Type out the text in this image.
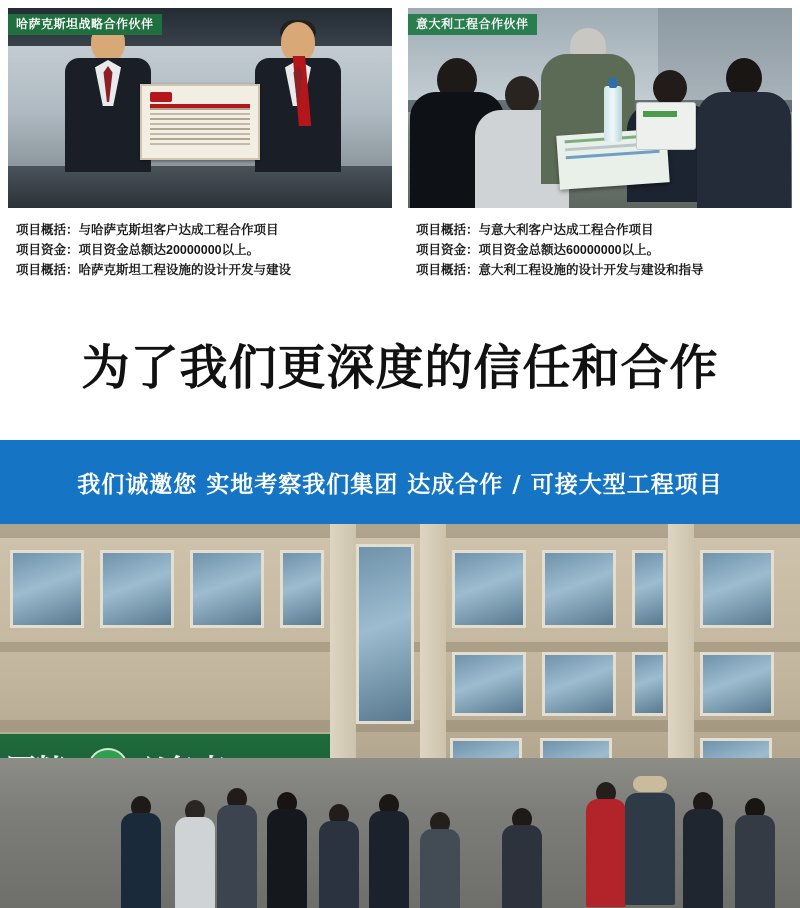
哈萨克斯坦战略合作伙伴
项目概括：与哈萨克斯坦客户达成工程合作项目
项目资金：项目资金总额达20000000以上。
项目概括：哈萨克斯坦工程设施的设计开发与建设
意大利工程合作伙伴
项目概括：与意大利客户达成工程合作项目
项目资金：项目资金总额达60000000以上。
项目概括：意大利工程设施的设计开发与建设和指导
为了我们更深度的信任和合作
我们诚邀您 实地考察我们集团 达成合作 / 可接大型工程项目
